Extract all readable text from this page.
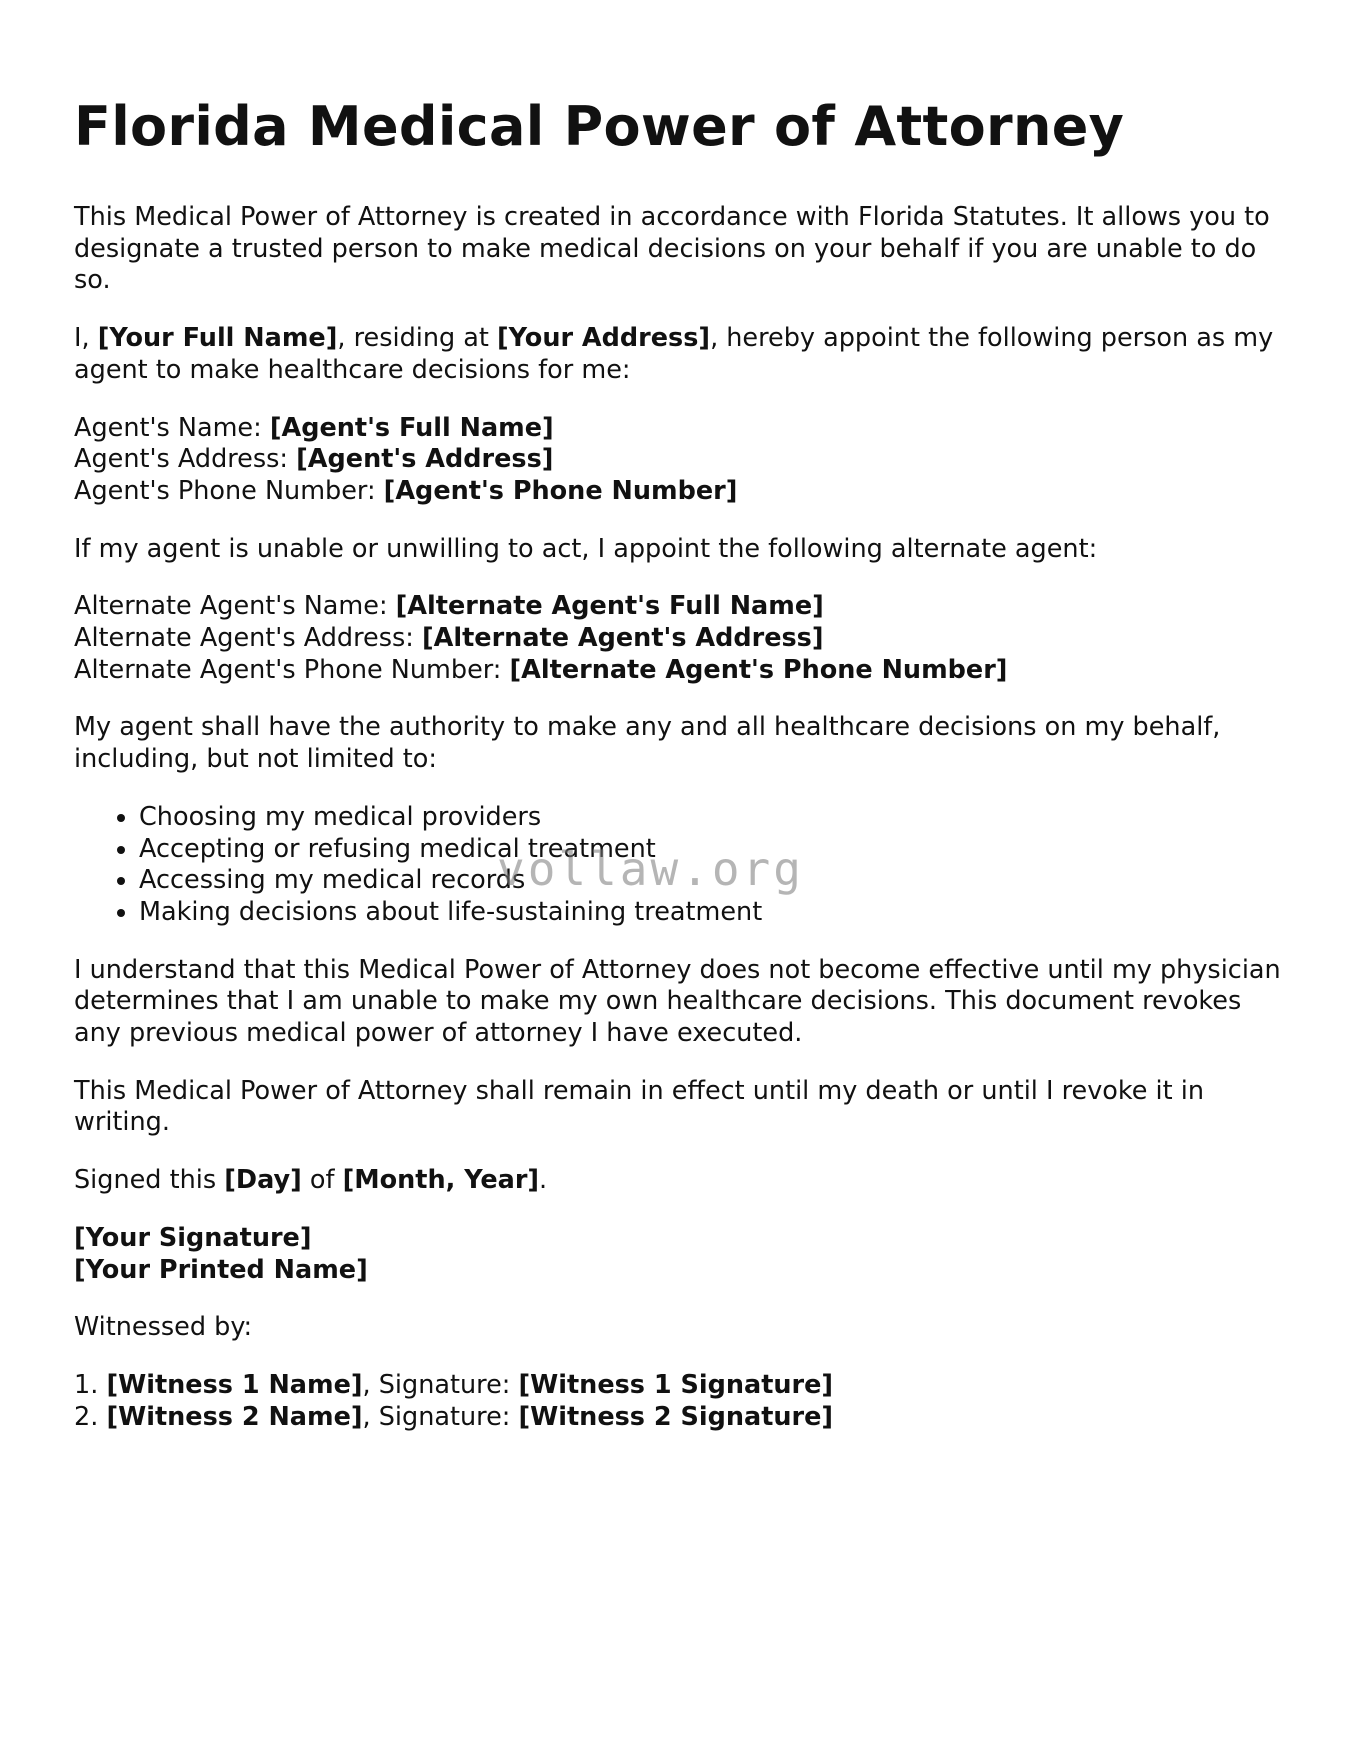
Florida Medical Power of Attorney

This Medical Power of Attorney is created in accordance with Florida Statutes. It allows you to designate a trusted person to make medical decisions on your behalf if you are unable to do so.

I, [Your Full Name], residing at [Your Address], hereby appoint the following person as my agent to make healthcare decisions for me:

Agent's Name: [Agent's Full Name]
Agent's Address: [Agent's Address]
Agent's Phone Number: [Agent's Phone Number]

If my agent is unable or unwilling to act, I appoint the following alternate agent:

Alternate Agent's Name: [Alternate Agent's Full Name]
Alternate Agent's Address: [Alternate Agent's Address]
Alternate Agent's Phone Number: [Alternate Agent's Phone Number]

My agent shall have the authority to make any and all healthcare decisions on my behalf, including, but not limited to:

• Choosing my medical providers
• Accepting or refusing medical treatment
• Accessing my medical records
• Making decisions about life-sustaining treatment

I understand that this Medical Power of Attorney does not become effective until my physician determines that I am unable to make my own healthcare decisions. This document revokes any previous medical power of attorney I have executed.

This Medical Power of Attorney shall remain in effect until my death or until I revoke it in writing.

Signed this [Day] of [Month, Year].

[Your Signature]
[Your Printed Name]

Witnessed by:

1. [Witness 1 Name], Signature: [Witness 1 Signature]
2. [Witness 2 Name], Signature: [Witness 2 Signature]

vollaw.org
